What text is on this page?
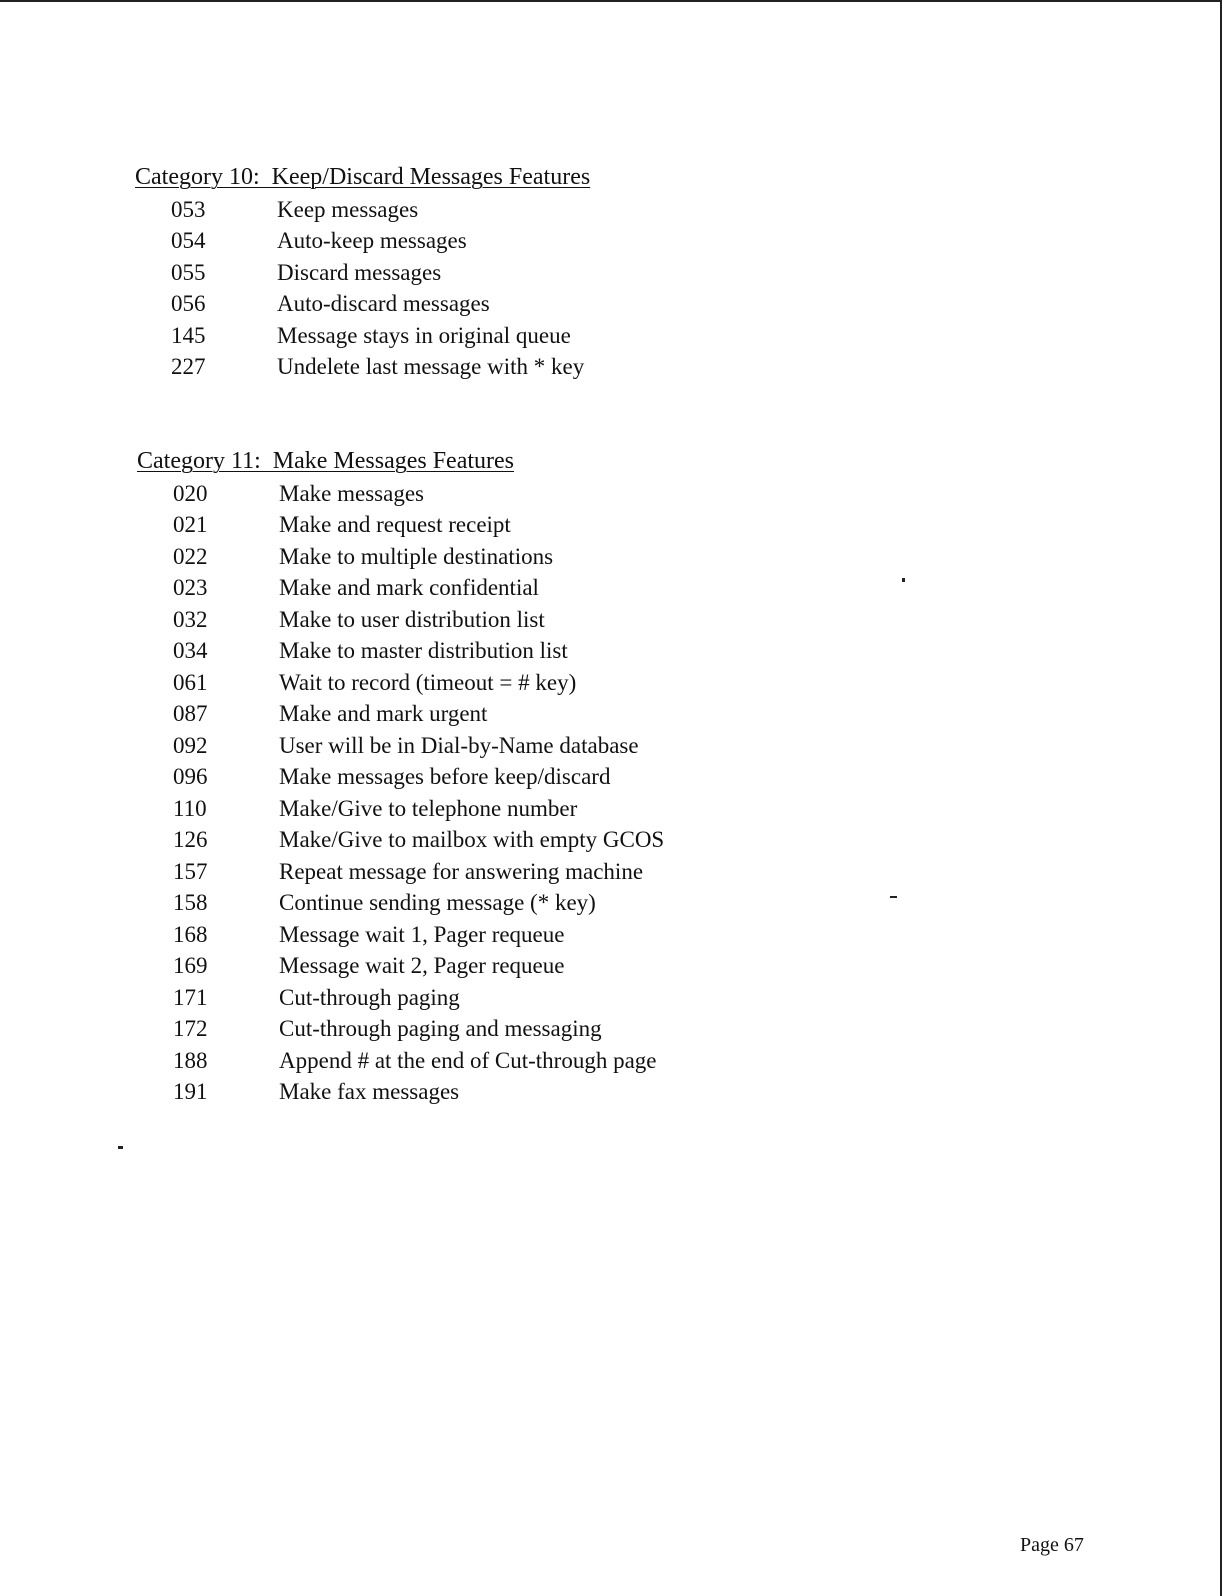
Category 10:  Keep/Discard Messages Features
053	Keep messages
054	Auto-keep messages
055	Discard messages
056	Auto-discard messages
145	Message stays in original queue
227	Undelete last message with * key
Category 11:  Make Messages Features
020	Make messages
021	Make and request receipt
022	Make to multiple destinations
023	Make and mark confidential
032	Make to user distribution list
034	Make to master distribution list
061	Wait to record (timeout = # key)
087	Make and mark urgent
092	User will be in Dial-by-Name database
096	Make messages before keep/discard
110	Make/Give to telephone number
126	Make/Give to mailbox with empty GCOS
157	Repeat message for answering machine
158	Continue sending message (* key)
168	Message wait 1, Pager requeue
169	Message wait 2, Pager requeue
171	Cut-through paging
172	Cut-through paging and messaging
188	Append # at the end of Cut-through page
191	Make fax messages
Page 67
